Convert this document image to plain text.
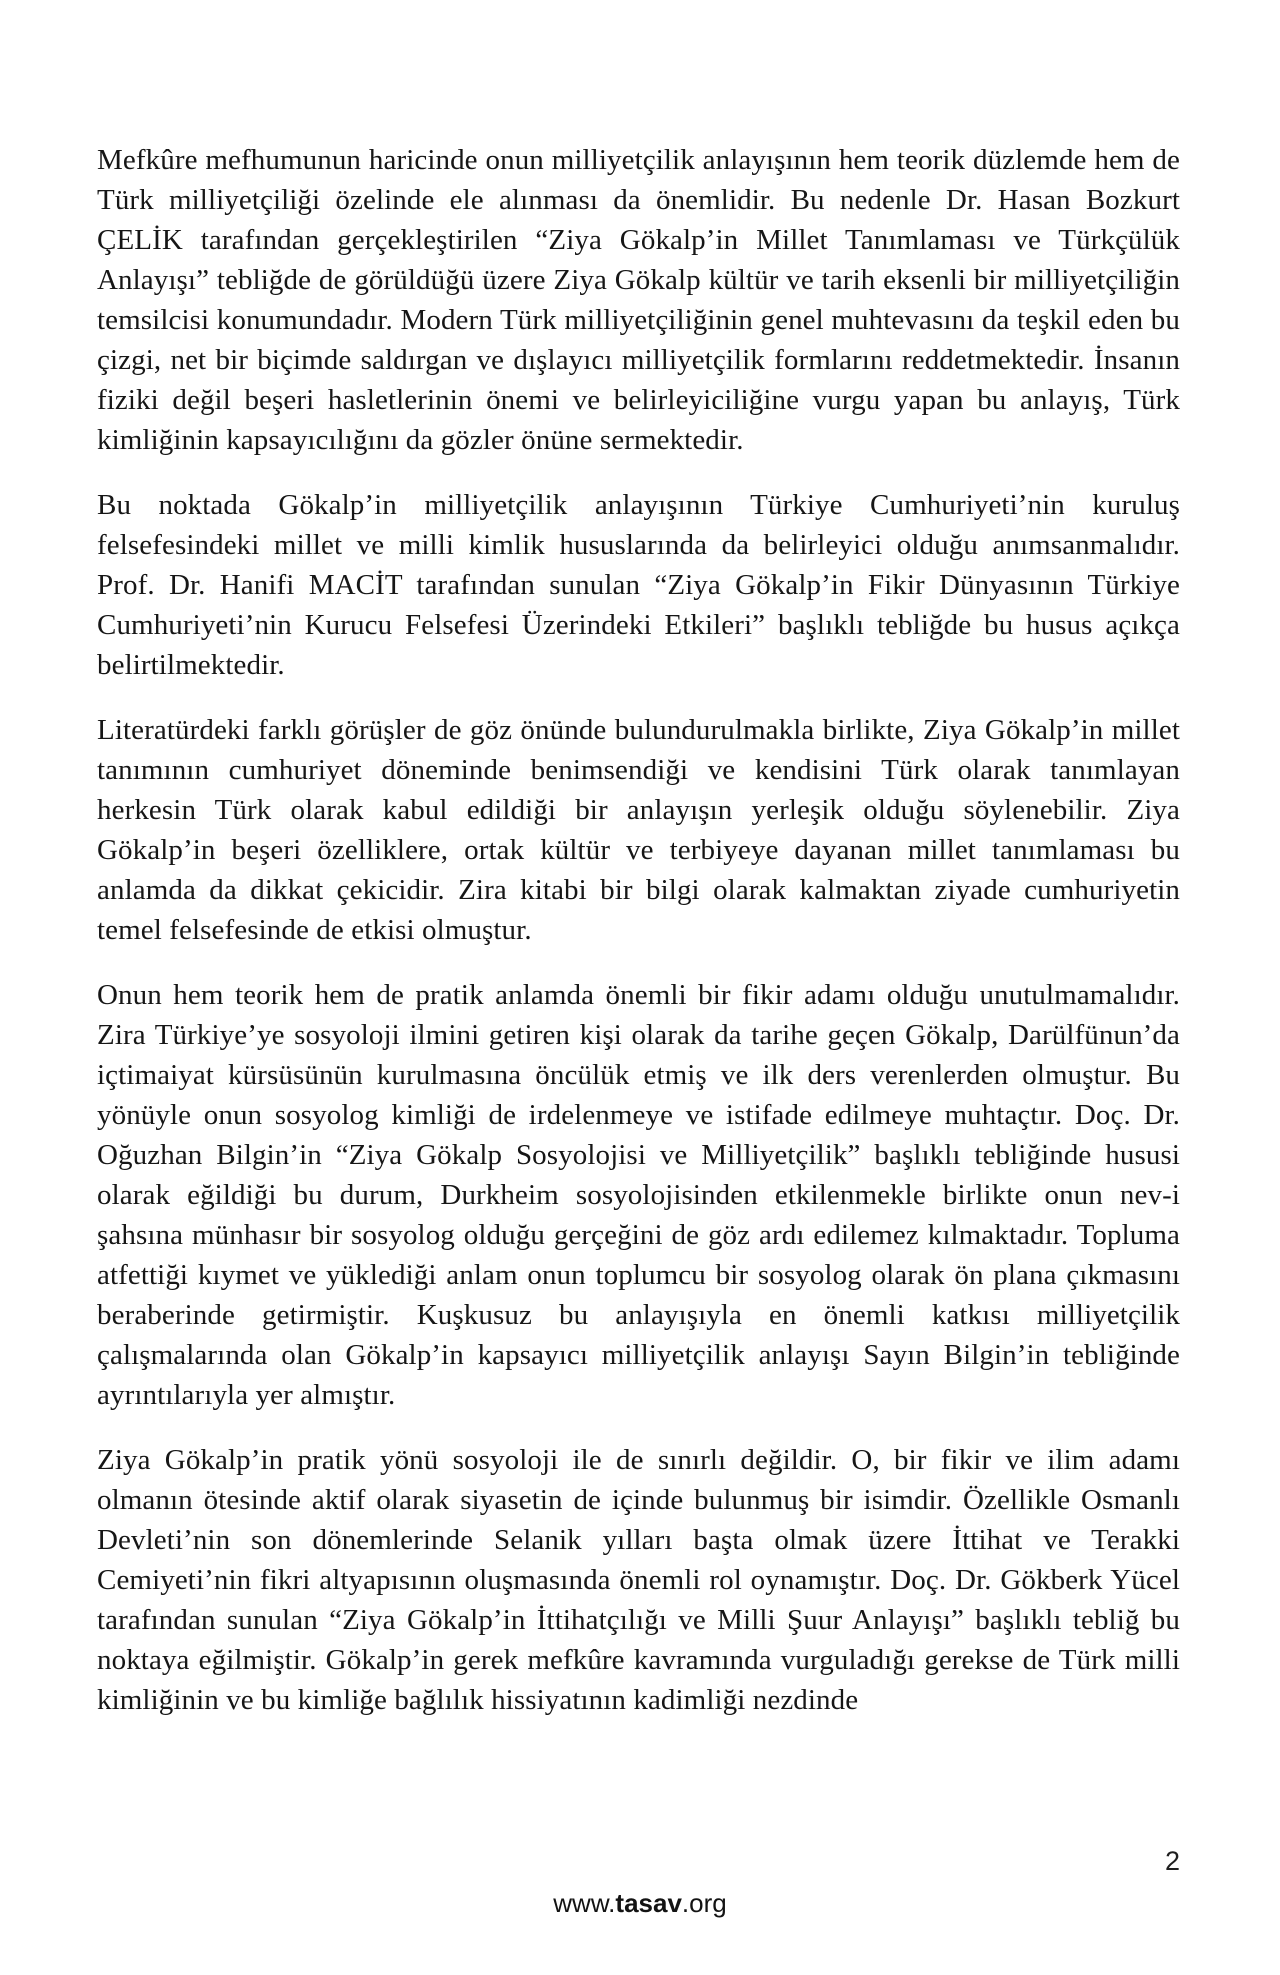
Mefkûre mefhumunun haricinde onun milliyetçilik anlayışının hem teorik düzlemde hem de Türk milliyetçiliği özelinde ele alınması da önemlidir. Bu nedenle Dr. Hasan Bozkurt ÇELİK tarafından gerçekleştirilen “Ziya Gökalp’in Millet Tanımlaması ve Türkçülük Anlayışı” tebliğde de görüldüğü üzere Ziya Gökalp kültür ve tarih eksenli bir milliyetçiliğin temsilcisi konumundadır. Modern Türk milliyetçiliğinin genel muhtevasını da teşkil eden bu çizgi, net bir biçimde saldırgan ve dışlayıcı milliyetçilik formlarını reddetmektedir. İnsanın fiziki değil beşeri hasletlerinin önemi ve belirleyiciliğine vurgu yapan bu anlayış, Türk kimliğinin kapsayıcılığını da gözler önüne sermektedir.

Bu noktada Gökalp’in milliyetçilik anlayışının Türkiye Cumhuriyeti’nin kuruluş felsefesindeki millet ve milli kimlik hususlarında da belirleyici olduğu anımsanmalıdır. Prof. Dr. Hanifi MACİT tarafından sunulan “Ziya Gökalp’in Fikir Dünyasının Türkiye Cumhuriyeti’nin Kurucu Felsefesi Üzerindeki Etkileri” başlıklı tebliğde bu husus açıkça belirtilmektedir.

Literatürdeki farklı görüşler de göz önünde bulundurulmakla birlikte, Ziya Gökalp’in millet tanımının cumhuriyet döneminde benimsendiği ve kendisini Türk olarak tanımlayan herkesin Türk olarak kabul edildiği bir anlayışın yerleşik olduğu söylenebilir. Ziya Gökalp’in beşeri özelliklere, ortak kültür ve terbiyeye dayanan millet tanımlaması bu anlamda da dikkat çekicidir. Zira kitabi bir bilgi olarak kalmaktan ziyade cumhuriyetin temel felsefesinde de etkisi olmuştur.

Onun hem teorik hem de pratik anlamda önemli bir fikir adamı olduğu unutulmamalıdır. Zira Türkiye’ye sosyoloji ilmini getiren kişi olarak da tarihe geçen Gökalp, Darülfünun’da içtimaiyat kürsüsünün kurulmasına öncülük etmiş ve ilk ders verenlerden olmuştur. Bu yönüyle onun sosyolog kimliği de irdelenmeye ve istifade edilmeye muhtaçtır. Doç. Dr. Oğuzhan Bilgin’in “Ziya Gökalp Sosyolojisi ve Milliyetçilik” başlıklı tebliğinde hususi olarak eğildiği bu durum, Durkheim sosyolojisinden etkilenmekle birlikte onun nev-i şahsına münhasır bir sosyolog olduğu gerçeğini de göz ardı edilemez kılmaktadır. Topluma atfettiği kıymet ve yüklediği anlam onun toplumcu bir sosyolog olarak ön plana çıkmasını beraberinde getirmiştir. Kuşkusuz bu anlayışıyla en önemli katkısı milliyetçilik çalışmalarında olan Gökalp’in kapsayıcı milliyetçilik anlayışı Sayın Bilgin’in tebliğinde ayrıntılarıyla yer almıştır.

Ziya Gökalp’in pratik yönü sosyoloji ile de sınırlı değildir. O, bir fikir ve ilim adamı olmanın ötesinde aktif olarak siyasetin de içinde bulunmuş bir isimdir. Özellikle Osmanlı Devleti’nin son dönemlerinde Selanik yılları başta olmak üzere İttihat ve Terakki Cemiyeti’nin fikri altyapısının oluşmasında önemli rol oynamıştır. Doç. Dr. Gökberk Yücel tarafından sunulan “Ziya Gökalp’in İttihatçılığı ve Milli Şuur Anlayışı” başlıklı tebliğ bu noktaya eğilmiştir. Gökalp’in gerek mefkûre kavramında vurguladığı gerekse de Türk milli kimliğinin ve bu kimliğe bağlılık hissiyatının kadimliği nezdinde

2
www.tasav.org
